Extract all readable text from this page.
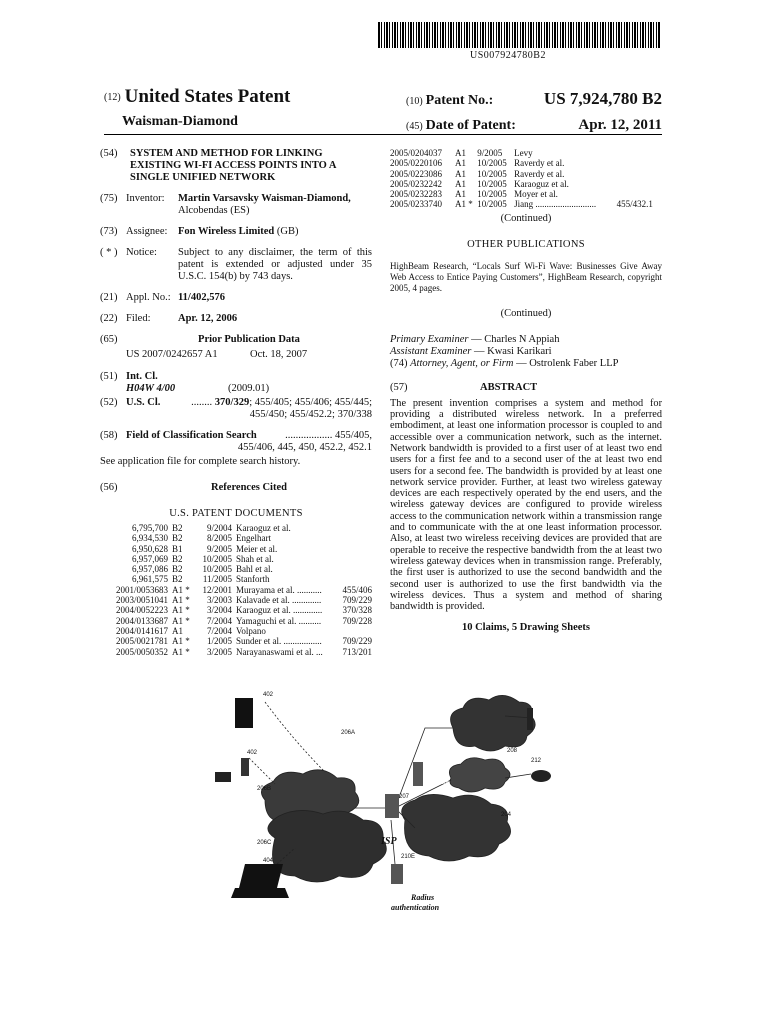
US007924780B2
(12) United States Patent
Waisman-Diamond
(10) Patent No.:	US 7,924,780 B2
(45) Date of Patent:	Apr. 12, 2011
(54)	SYSTEM AND METHOD FOR LINKING EXISTING WI-FI ACCESS POINTS INTO A SINGLE UNIFIED NETWORK
(75) Inventor:	Martin Varsavsky Waisman-Diamond,
Alcobendas (ES)
(73) Assignee:	Fon Wireless Limited (GB)
( * ) Notice:	Subject to any disclaimer, the term of this patent is extended or adjusted under 35 U.S.C. 154(b) by 743 days.
(21) Appl. No.: 11/402,576
(22) Filed:	Apr. 12, 2006
(65)	Prior Publication Data
US 2007/0242657 A1	Oct. 18, 2007
(51) Int. Cl.
H04W 4/00	(2009.01)
(52) U.S. Cl.	........ 370/329; 455/405; 455/406; 455/445; 455/450; 455/452.2; 370/338
(58) Field of Classification Search	.................. 455/405, 455/406, 445, 450, 452.2, 452.1
See application file for complete search history.
(56)	References Cited
U.S. PATENT DOCUMENTS
6,795,700	B2	9/2004	Karaoguz et al.	
6,934,530	B2	8/2005	Engelhart	
6,950,628	B1	9/2005	Meier et al.	
6,957,069	B2	10/2005	Shah et al.	
6,957,086	B2	10/2005	Bahl et al.	
6,961,575	B2	11/2005	Stanforth	
2001/0053683	A1 *	12/2001	Murayama et al. ...........	455/406
2003/0051041	A1 *	3/2003	Kalavade et al. .............	709/229
2004/0052223	A1 *	3/2004	Karaoguz et al. .............	370/328
2004/0133687	A1 *	7/2004	Yamaguchi et al. ..........	709/228
2004/0141617	A1	7/2004	Volpano	
2005/0021781	A1 *	1/2005	Sunder et al. .................	709/229
2005/0050352	A1 *	3/2005	Narayanaswami et al. ...	713/201
2005/0204037	A1	9/2005	Levy	
2005/0220106	A1	10/2005	Raverdy et al.	
2005/0223086	A1	10/2005	Raverdy et al.	
2005/0232242	A1	10/2005	Karaoguz et al.	
2005/0232283	A1	10/2005	Moyer et al.	
2005/0233740	A1 *	10/2005	Jiang ...........................	455/432.1
(Continued)
OTHER PUBLICATIONS
HighBeam Research, “Locals Surf Wi-Fi Wave: Businesses Give Away Web Access to Entice Paying Customers”, HighBeam Research, copyright 2005, 4 pages.
(Continued)
Primary Examiner — Charles N Appiah
Assistant Examiner — Kwasi Karikari
(74) Attorney, Agent, or Firm — Ostrolenk Faber LLP
(57)	ABSTRACT
The present invention comprises a system and method for providing a distributed wireless network. In a preferred embodiment, at least one information processor is coupled to and accessible over a communication network, such as the internet. Network bandwidth is provided to a first user of at least two end users for a first fee and to a second user of the at least two end users for a second fee. The bandwidth is provided by at least one network service provider. Further, at least two wireless gateway devices are each respectively operated by the end users, and the wireless gateway devices are configured to provide wireless access to the communication network within a transmission range and to communicate with the at one least information processor. Also, at least two wireless receiving devices are provided that are operable to receive the respective bandwidth from the at least two wireless gateway devices when in transmission range. Preferably, the first user is authorized to use the second bandwidth and the second user is authorized to use the first bandwidth via the wireless devices. Thus a system and method of sharing bandwidth is provided.
10 Claims, 5 Drawing Sheets
402
206A
402	208
212
206B
207
204
206C
404
210E
VoIP
Provider
ISP
Radius
authentication
